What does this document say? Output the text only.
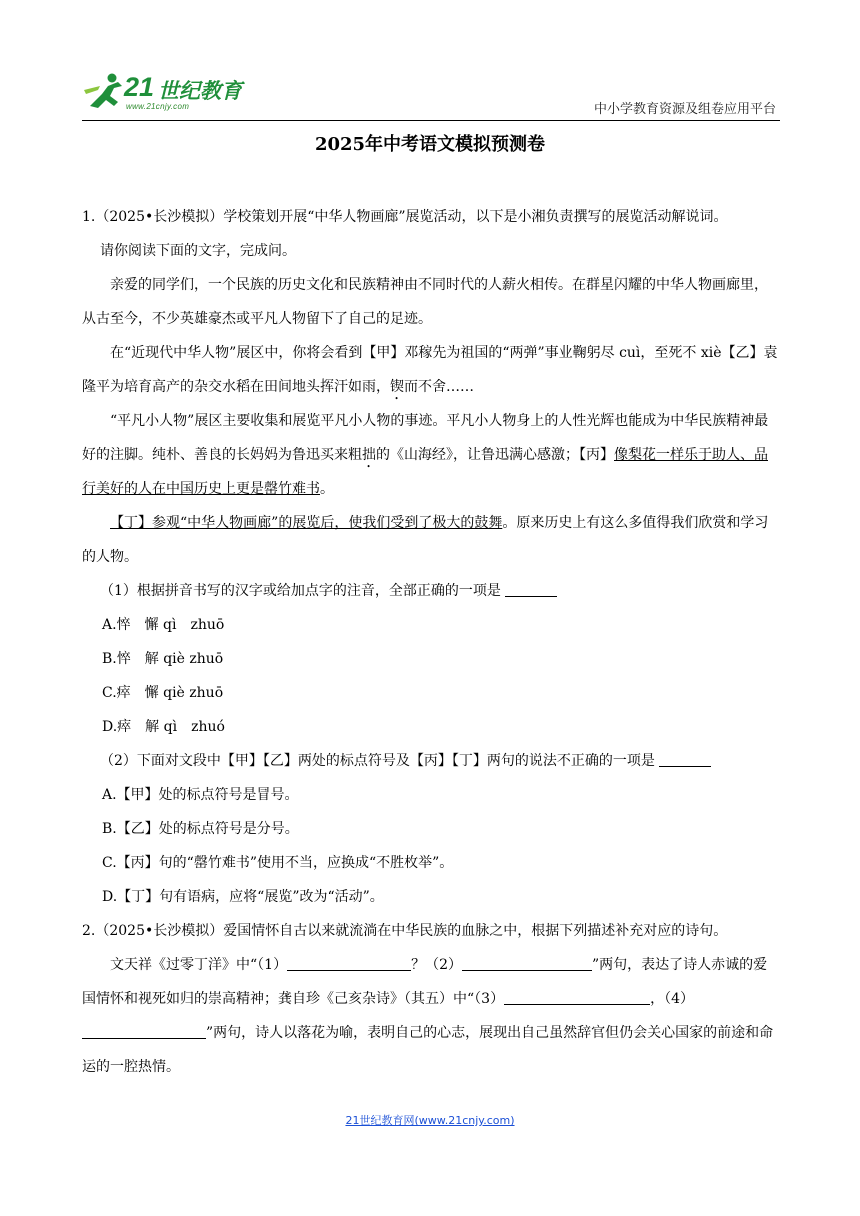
21 世纪教育
www.21cnjy.com	中小学教育资源及组卷应用平台
2025年中考语文模拟预测卷

1.（2025•长沙模拟）学校策划开展“中华人物画廊”展览活动，以下是小湘负责撰写的展览活动解说词。
请你阅读下面的文字，完成问。

亲爱的同学们，一个民族的历史文化和民族精神由不同时代的人薪火相传。在群星闪耀的中华人物画廊里，从古至今，不少英雄豪杰或平凡人物留下了自己的足迹。

在“近现代中华人物”展区中，你将会看到【甲】邓稼先为祖国的“两弹”事业鞠躬尽 cuì，至死不 xiè【乙】袁隆平为培育高产的杂交水稻在田间地头挥汗如雨，锲而不舍……

“平凡小人物”展区主要收集和展览平凡小人物的事迹。平凡小人物身上的人性光辉也能成为中华民族精神最好的注脚。纯朴、善良的长妈妈为鲁迅买来粗拙的《山海经》，让鲁迅满心感激；【丙】像梨花一样乐于助人、品行美好的人在中国历史上更是罄竹难书。

【丁】参观“中华人物画廊”的展览后，使我们受到了极大的鼓舞。原来历史上有这么多值得我们欣赏和学习的人物。

（1）根据拼音书写的汉字或给加点字的注音，全部正确的一项是

A.悴　懈 qì　zhuō

B.悴　解 qiè zhuō

C.瘁　懈 qiè zhuō

D.瘁　解 qì　zhuó

（2）下面对文段中【甲】【乙】两处的标点符号及【丙】【丁】两句的说法不正确的一项是

A.【甲】处的标点符号是冒号。

B.【乙】处的标点符号是分号。

C.【丙】句的“罄竹难书”使用不当，应换成“不胜枚举”。

D.【丁】句有语病，应将“展览”改为“活动”。

2.（2025•长沙模拟）爱国情怀自古以来就流淌在中华民族的血脉之中，根据下列描述补充对应的诗句。

文天祥《过零丁洋》中“（1）	？（2）	”两句，表达了诗人赤诚的爱国情怀和视死如归的崇高精神；龚自珍《己亥杂诗》（其五）中“（3）	，（4）”两句，诗人以落花为喻，表明自己的心志，展现出自己虽然辞官但仍会关心国家的前途和命运的一腔热情。

21世纪教育网(www.21cnjy.com)
